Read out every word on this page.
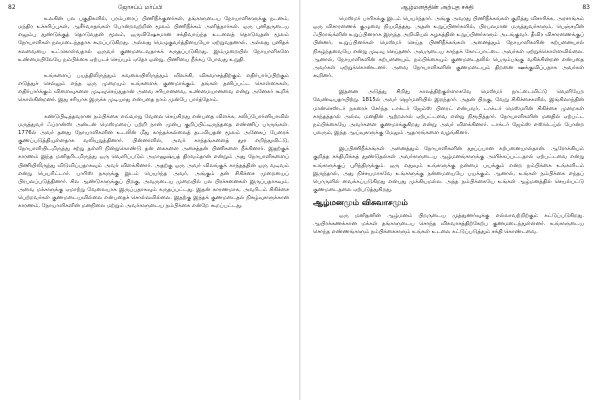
82	ஜோசப்ப் மர்ப்பி

உலகின் பல பகுதிகளில், பரம்பரைப் பிணிநீக்குனர்கள், தங்களுடைய நோயாளிகளுக்கு நடனம், மந்திர உச்சரிப்புகள், ஆசீர்வாதங்கள் போன்றவற்றின் மூலம் பிணிநீக்கம் அளித்தார்கள். ஒரு புனிதருடைய எலும்பு துண்டுக்குத் தொடுவதன் மூலம், ஒருவிஷேசமான சக்திவாய்ந்த உடலைத் தொடுவதன் மூலம் நோயாளிகள் நலமடைந்ததாக கூறப்படுகிறது. அல்லது மெழுகுவர்த்தியையோ ஏற்றுவதனால், அல்லது புனிதக் கலவையை உட்கொள்வதால் ஒருவர் குணமடைவதாகக் கருதப்படுகிறது. இம்முறையில் நோயாளிகளே உண்மையிலேயே நம்பிக்கை ஏற்படச் செய்யும் ஏதோ ஒன்று, பிணியை நீக்கப் போவது உறுதி.

உங்களைப் பயத்திலிருந்தும் கவலையிலிருந்தும் விலக்கி, விசுவாசத்திற்கும் எதிர்பார்ப்பிற்கும் எடுத்துச் செல்லும் எந்த ஒரு முறையும் உங்களைக் குணமாக்கும். தங்கள் தனிப்பட்ட கொள்கைகள், எதிர்பார்க்கும் விளைவுகளை முடிவுசெய்துதான் அவை சரியானவை, உண்மையானவை என்று அனேகர் கூறிக் கொள்கின்றனர். இது சரியாக இருக்க முடியாது என்பதை நாம் முன்பே பார்த்தோம்.

கண்டுபிடித்தவரான நம்பிக்கை எவ்வாறு வேலை செய்கிறது என்பதை விளக்க, கலிப்போர்னியாவில் மருத்துவர் ஃப்ரான்ஸ் அன்டன் மெஸ்மரைப் பற்றி நான் முன்பு குறிப்பிட்டிருந்ததை எண்ணிப் பாருங்கள். 1776ல் அவர் தனது நோயாளிகளின் உடலின் மீது காந்தக்கல்லைத் தடவியதன் மூலம் அனேகப் பேரைக் குணப்படுத்தியுள்ளதாக வலியுறுத்தினார். பின்னாளில், அவர் காந்தங்களைத் தூர எறிந்துவிட்டு, நோயாளியிடமிருந்து சற்று தள்ளி நின்றுகொண்டு தன் கைகளை அசைத்தன் பிணிகளை நீக்கினார். இதற்குக் காரணம் இந்த மனிதரிடமிருந்து ஒரு வெளிப்படும் அமானுஷ்யத் திரவம்தான் என்றும் அது நோயாளிகளைப் பிணியிலிருந்து விடுவிப்பதாகவும் அவர் விளக்கினார். அதற்கு ஒரு அவர் விலங்குக் காந்தத்தின் ஒரு வடிவம் என்று பெயரிட்டார். பாரிஸ் நகருக்கு இடம் பெயர்ந்த அவர், அங்கும் தன் சிகிச்சை முறையைப் பிரபலப்படுத்தினார். சில ஆண்டுகளுக்குப் பிறகு, அவருடைய முறையில் பல பிரச்சனைகள் இருப்பதாகவும், அவை மக்களுக்கு ஏமாற்று வேலையாக இருப்பதாகவும் கருதப்பட்டது. இதன் காரணமாக, அவரிடம் சிகிச்சை பெற்றவர்கள் குணமடையவில்லை என்பதைச் சொல்லவில்லை. இதற்கு இந்தக் குணமடைதல் நிகழ்வுகளுக்கான காரணம், நோயாளிகளின் மனநிலை மற்றும் அவர்களுடைய நம்பிக்கை என்றே கூறப்பட்டது.

ஆழ்மனத்தின் அற்புத சக்தி	83

மெஸ்மர் பாரிசுக்கு இடம் பெயர்ந்தார். அங்கு அவரது பிணிநீக்கங்கள் குறித்து விசாரிக்க, அரசாங்கம் ஒரு விசாரணைக் குழுவை நியமித்தது. அதன் உறுப்பினர்களில், பிரபலமான மருத்துவர்களும், பெஞ்சமின் ஃபிராங்க்ளின் உறுப்பினராக இருந்த அறிவியல் கழகத்தின் உறுப்பினர்களும் அடங்குவர். தீவிர விசாரணைக்குப் பின்னர், உறுப்பினர்கள் மெஸ்மர் செய்த பிணிநீக்கங்கள் அனைத்தும் நோயாளிகளின் கற்பனையால் நிகழ்ந்தவையே என்று முடிவு செய்தனர். அவருடைய காந்தக் கோட்பாட்டை அவர்கள் ஏற்றுக்கொள்ளவில்லை. ஆனால், நோயாளிகளின் கற்பனையும், நம்பிக்கையும் குணமடைதலில் பெரும்பங்கு வகிக்கின்றன என்பதை அவர்கள் ஏற்றுக்கொண்டனர். அவை நோயாளிகளின் குணமடையும் திறனை ஊக்குவிப்பதாக அவர்கள் கூறினர்.

இதனை அடுத்து சிறிது காலத்திற்குள்ளாகவே மெஸ்மர் நாட்டைவிட்டு வெளியேற வேண்டியதாயிற்று. 1815ல் அவர் ஜெர்மனியில் இறந்தார். அதன் பிறகு, வேறு சிகிச்சைகளில், இங்கிலாந்தின் மான்செஸ்டர் நகரைச் சேர்ந்த டாக்டர் ஜேம்ஸ் பிரைட் என்பவர், டாக்டர் மெஸ்மரின் சிகிச்சை முறைகள் காந்தத்தால் அல்ல, மனதின் ஆற்றலால் ஏற்பட்டவை என்று நிரூபித்தார். நோயாளிகளின் மனதில் ஏற்பட்ட நம்பிக்கையே அவர்களை குணமாக்குகிறது என்று அவர் விளக்கினார். டாக்டர் ஜேம்ஸ் எஸ்டெய்ல் போன்ற பலரும், இந்த ஆய்வுகளுக்கு மேலும் ஆதாரங்களை வழங்கினர்.

இப்பிணிநீக்கங்கள் அனைத்தும் நோயாளிகளின் தூய்ப்பான கற்பனையால்தான். ஆரோக்கியம் குறித்த சக்திமிக்கத் தூண்டுதல்கள் அவர்களுடைய ஆழ்மனங்களுக்கு அளிக்கப்பட்டதால் ஏற்பட்டவை என்று உங்களுக்குப் புரிந்திருக்கும். ஒரு எதுவும் உங்களுக்கு நன்மை பயக்கும் என்ற நம்பிக்கை உங்களிடம் இருந்தால், அது நிச்சயமாகவே உங்களுக்கு நன்மையையே பயக்கும். ஆனால், உங்கள் நம்பிக்கை எந்தப் பொருளில் வைக்கப்படுகிறது என்பது முக்கியமல்ல. அந்த நம்பிக்கையே உங்கள் ஆழ்மனத்தில் செயல்பட்டு குணமடைதலை ஏற்படுத்துகிறது.

ஆழ்மனமும் விசுவாசமும்

ஒரு மனிதனின் ஆழ்மனம் பிறருடைய முத்துணர்வுக்கு எல்லாவற்றிற்கும் கட்டுப்படுகிறது. ஆயிரக்கணக்கான மக்கள் தங்களுடைய சொந்த விசுவாசத்திற்கேற்ப குணமடைந்துள்ளனர். உங்களுடைய சொந்த எண்ணங்களும் நம்பிக்கைகளும் உங்கள் உடலை கட்டுப்படுத்தும் சக்தி கொண்டவை.
